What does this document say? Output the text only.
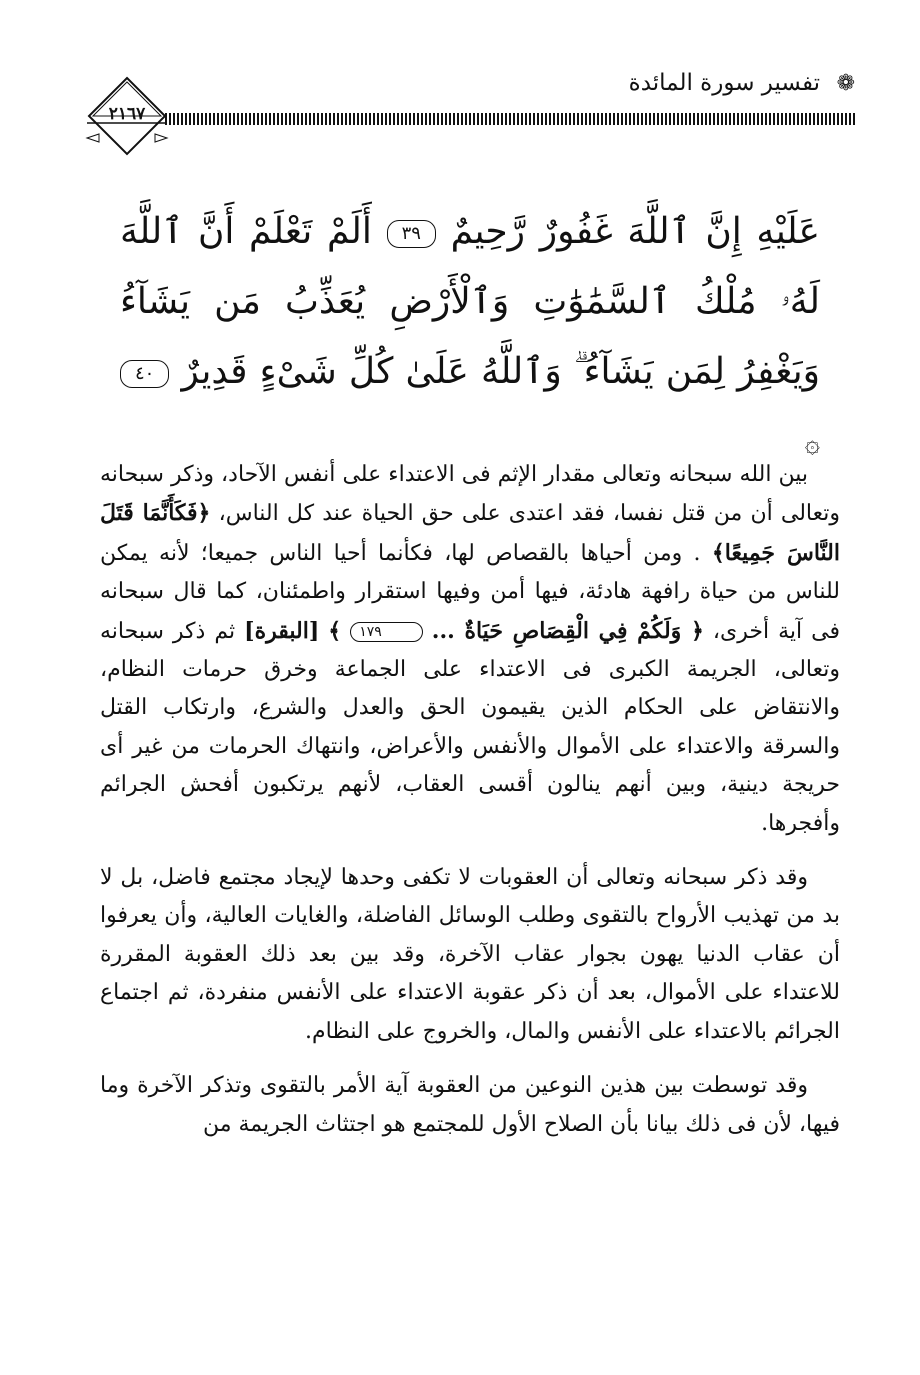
❁
تفسير سورة المائدة
٢١٦٧
عَلَيْهِ إِنَّ ٱللَّهَ غَفُورٌ رَّحِيمٌ ٣٩ أَلَمْ تَعْلَمْ أَنَّ ٱللَّهَ لَهُۥ مُلْكُ ٱلسَّمَٰوَٰتِ وَٱلْأَرْضِ يُعَذِّبُ مَن يَشَآءُ وَيَغْفِرُ لِمَن يَشَآءُ ۗ وَٱللَّهُ عَلَىٰ كُلِّ شَىْءٍ قَدِيرٌ ٤٠ ۞

بين الله سبحانه وتعالى مقدار الإثم فى الاعتداء على أنفس الآحاد، وذكر سبحانه وتعالى أن من قتل نفسا، فقد اعتدى على حق الحياة عند كل الناس، ﴿فَكَأَنَّمَا قَتَلَ النَّاسَ جَمِيعًا﴾ . ومن أحياها بالقصاص لها، فكأنما أحيا الناس جميعا؛ لأنه يمكن للناس من حياة رافهة هادئة، فيها أمن وفيها استقرار واطمئنان، كما قال سبحانه فى آية أخرى، ﴿ وَلَكُمْ فِي الْقِصَاصِ حَيَاةٌ ... ١٧٩ ﴾ [البقرة] ثم ذكر سبحانه وتعالى، الجريمة الكبرى فى الاعتداء على الجماعة وخرق حرمات النظام، والانتقاض على الحكام الذين يقيمون الحق والعدل والشرع، وارتكاب القتل والسرقة والاعتداء على الأموال والأنفس والأعراض، وانتهاك الحرمات من غير أى حريجة دينية، وبين أنهم ينالون أقسى العقاب، لأنهم يرتكبون أفحش الجرائم وأفجرها.

وقد ذكر سبحانه وتعالى أن العقوبات لا تكفى وحدها لإيجاد مجتمع فاضل، بل لا بد من تهذيب الأرواح بالتقوى وطلب الوسائل الفاضلة، والغايات العالية، وأن يعرفوا أن عقاب الدنيا يهون بجوار عقاب الآخرة، وقد بين بعد ذلك العقوبة المقررة للاعتداء على الأموال، بعد أن ذكر عقوبة الاعتداء على الأنفس منفردة، ثم اجتماع الجرائم بالاعتداء على الأنفس والمال، والخروج على النظام.

وقد توسطت بين هذين النوعين من العقوبة آية الأمر بالتقوى وتذكر الآخرة وما فيها، لأن فى ذلك بيانا بأن الصلاح الأول للمجتمع هو اجتثاث الجريمة من
